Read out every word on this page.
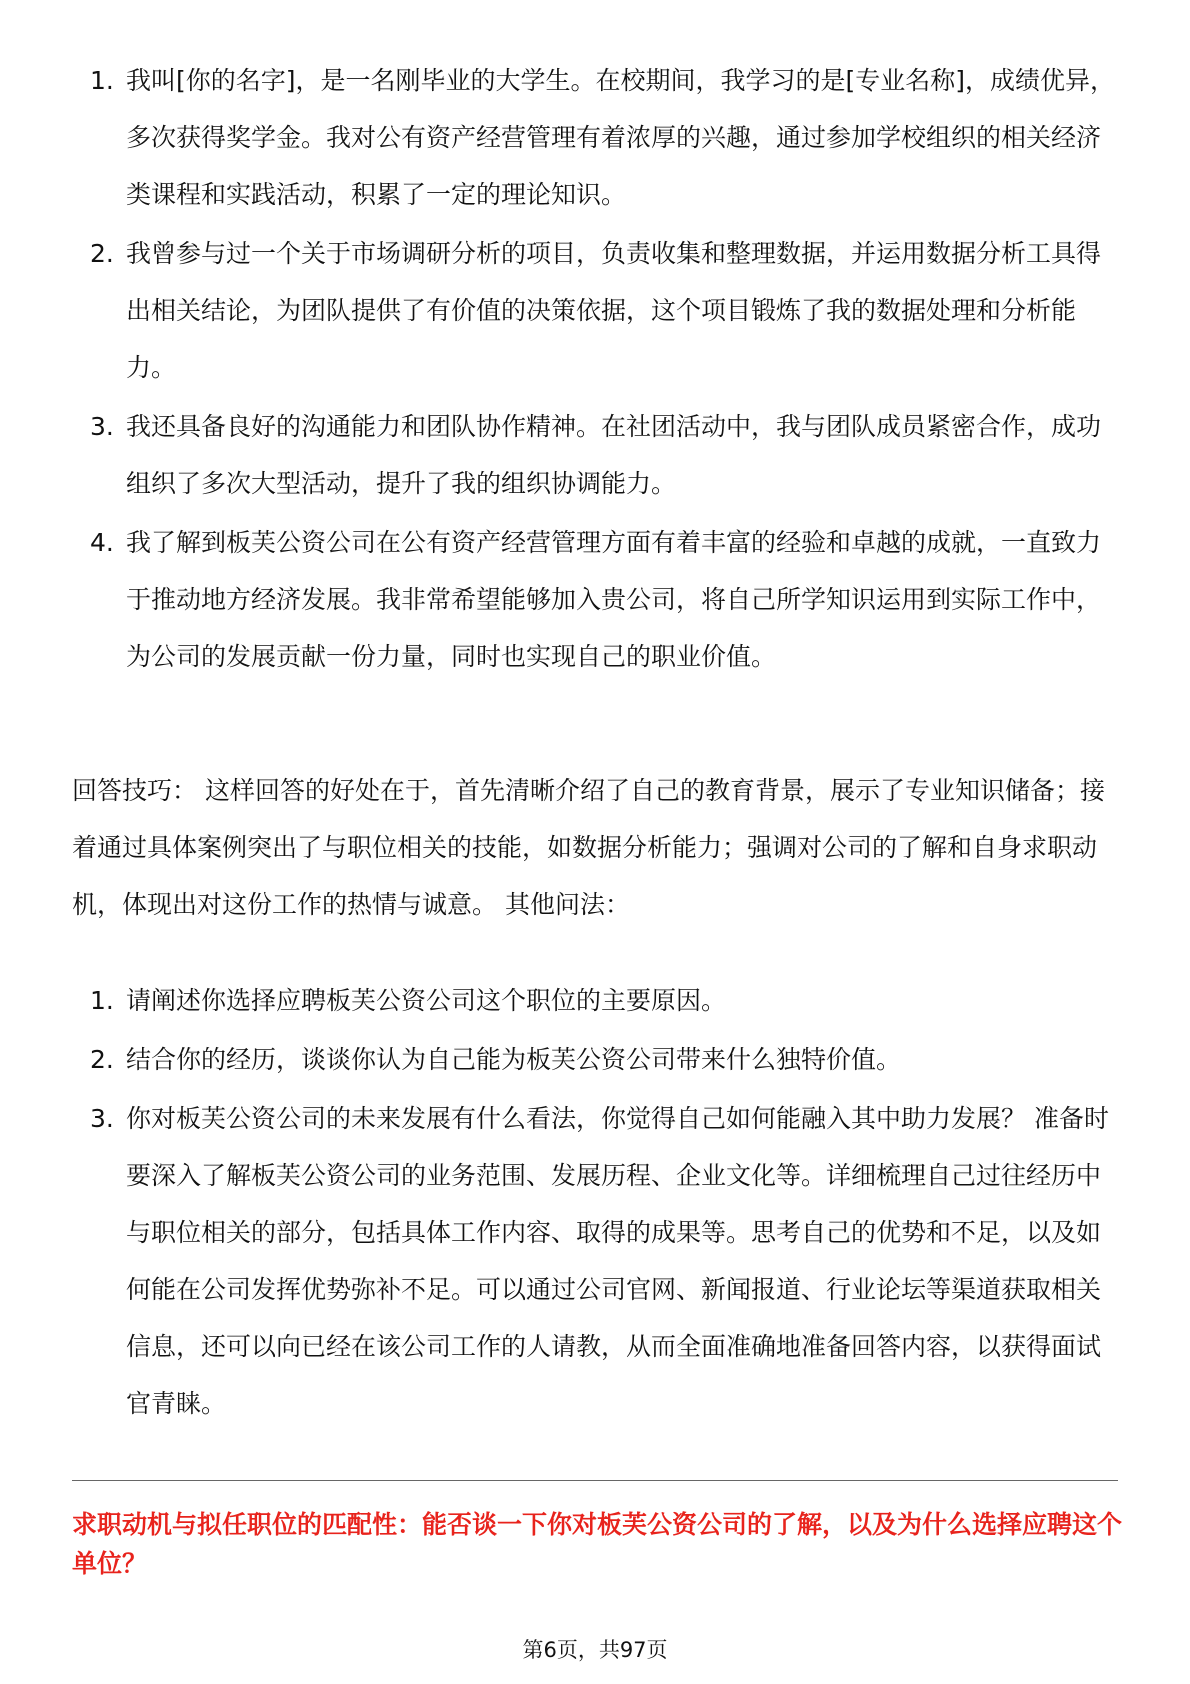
1. 我叫[你的名字]，是一名刚毕业的大学生。在校期间，我学习的是[专业名称]，成绩优异，多次获得奖学金。我对公有资产经营管理有着浓厚的兴趣，通过参加学校组织的相关经济类课程和实践活动，积累了一定的理论知识。
2. 我曾参与过一个关于市场调研分析的项目，负责收集和整理数据，并运用数据分析工具得出相关结论，为团队提供了有价值的决策依据，这个项目锻炼了我的数据处理和分析能力。
3. 我还具备良好的沟通能力和团队协作精神。在社团活动中，我与团队成员紧密合作，成功组织了多次大型活动，提升了我的组织协调能力。
4. 我了解到板芙公资公司在公有资产经营管理方面有着丰富的经验和卓越的成就，一直致力于推动地方经济发展。我非常希望能够加入贵公司，将自己所学知识运用到实际工作中，为公司的发展贡献一份力量，同时也实现自己的职业价值。
回答技巧： 这样回答的好处在于，首先清晰介绍了自己的教育背景，展示了专业知识储备；接着通过具体案例突出了与职位相关的技能，如数据分析能力；强调对公司的了解和自身求职动机，体现出对这份工作的热情与诚意。 其他问法：
1. 请阐述你选择应聘板芙公资公司这个职位的主要原因。
2. 结合你的经历，谈谈你认为自己能为板芙公资公司带来什么独特价值。
3. 你对板芙公资公司的未来发展有什么看法，你觉得自己如何能融入其中助力发展？ 准备时要深入了解板芙公资公司的业务范围、发展历程、企业文化等。详细梳理自己过往经历中与职位相关的部分，包括具体工作内容、取得的成果等。思考自己的优势和不足，以及如何能在公司发挥优势弥补不足。可以通过公司官网、新闻报道、行业论坛等渠道获取相关信息，还可以向已经在该公司工作的人请教，从而全面准确地准备回答内容，以获得面试官青睐。
求职动机与拟任职位的匹配性：能否谈一下你对板芙公资公司的了解，以及为什么选择应聘这个单位？
第6页，共97页
